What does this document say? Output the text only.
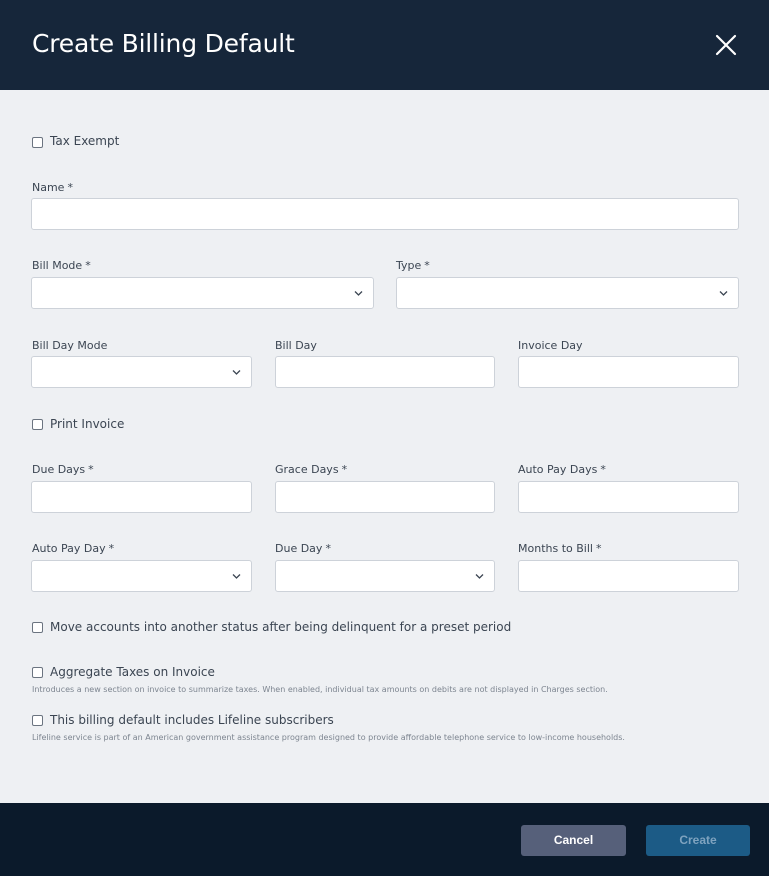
Create Billing Default
Tax Exempt
Name *
Bill Mode *	Type *
Bill Day Mode	Bill Day	Invoice Day
Print Invoice
Due Days *	Grace Days *	Auto Pay Days *
Auto Pay Day *	Due Day *	Months to Bill *
Move accounts into another status after being delinquent for a preset period
Aggregate Taxes on Invoice
Introduces a new section on invoice to summarize taxes. When enabled, individual tax amounts on debits are not displayed in Charges section.
This billing default includes Lifeline subscribers
Lifeline service is part of an American government assistance program designed to provide affordable telephone service to low-income households.
Cancel	Create
